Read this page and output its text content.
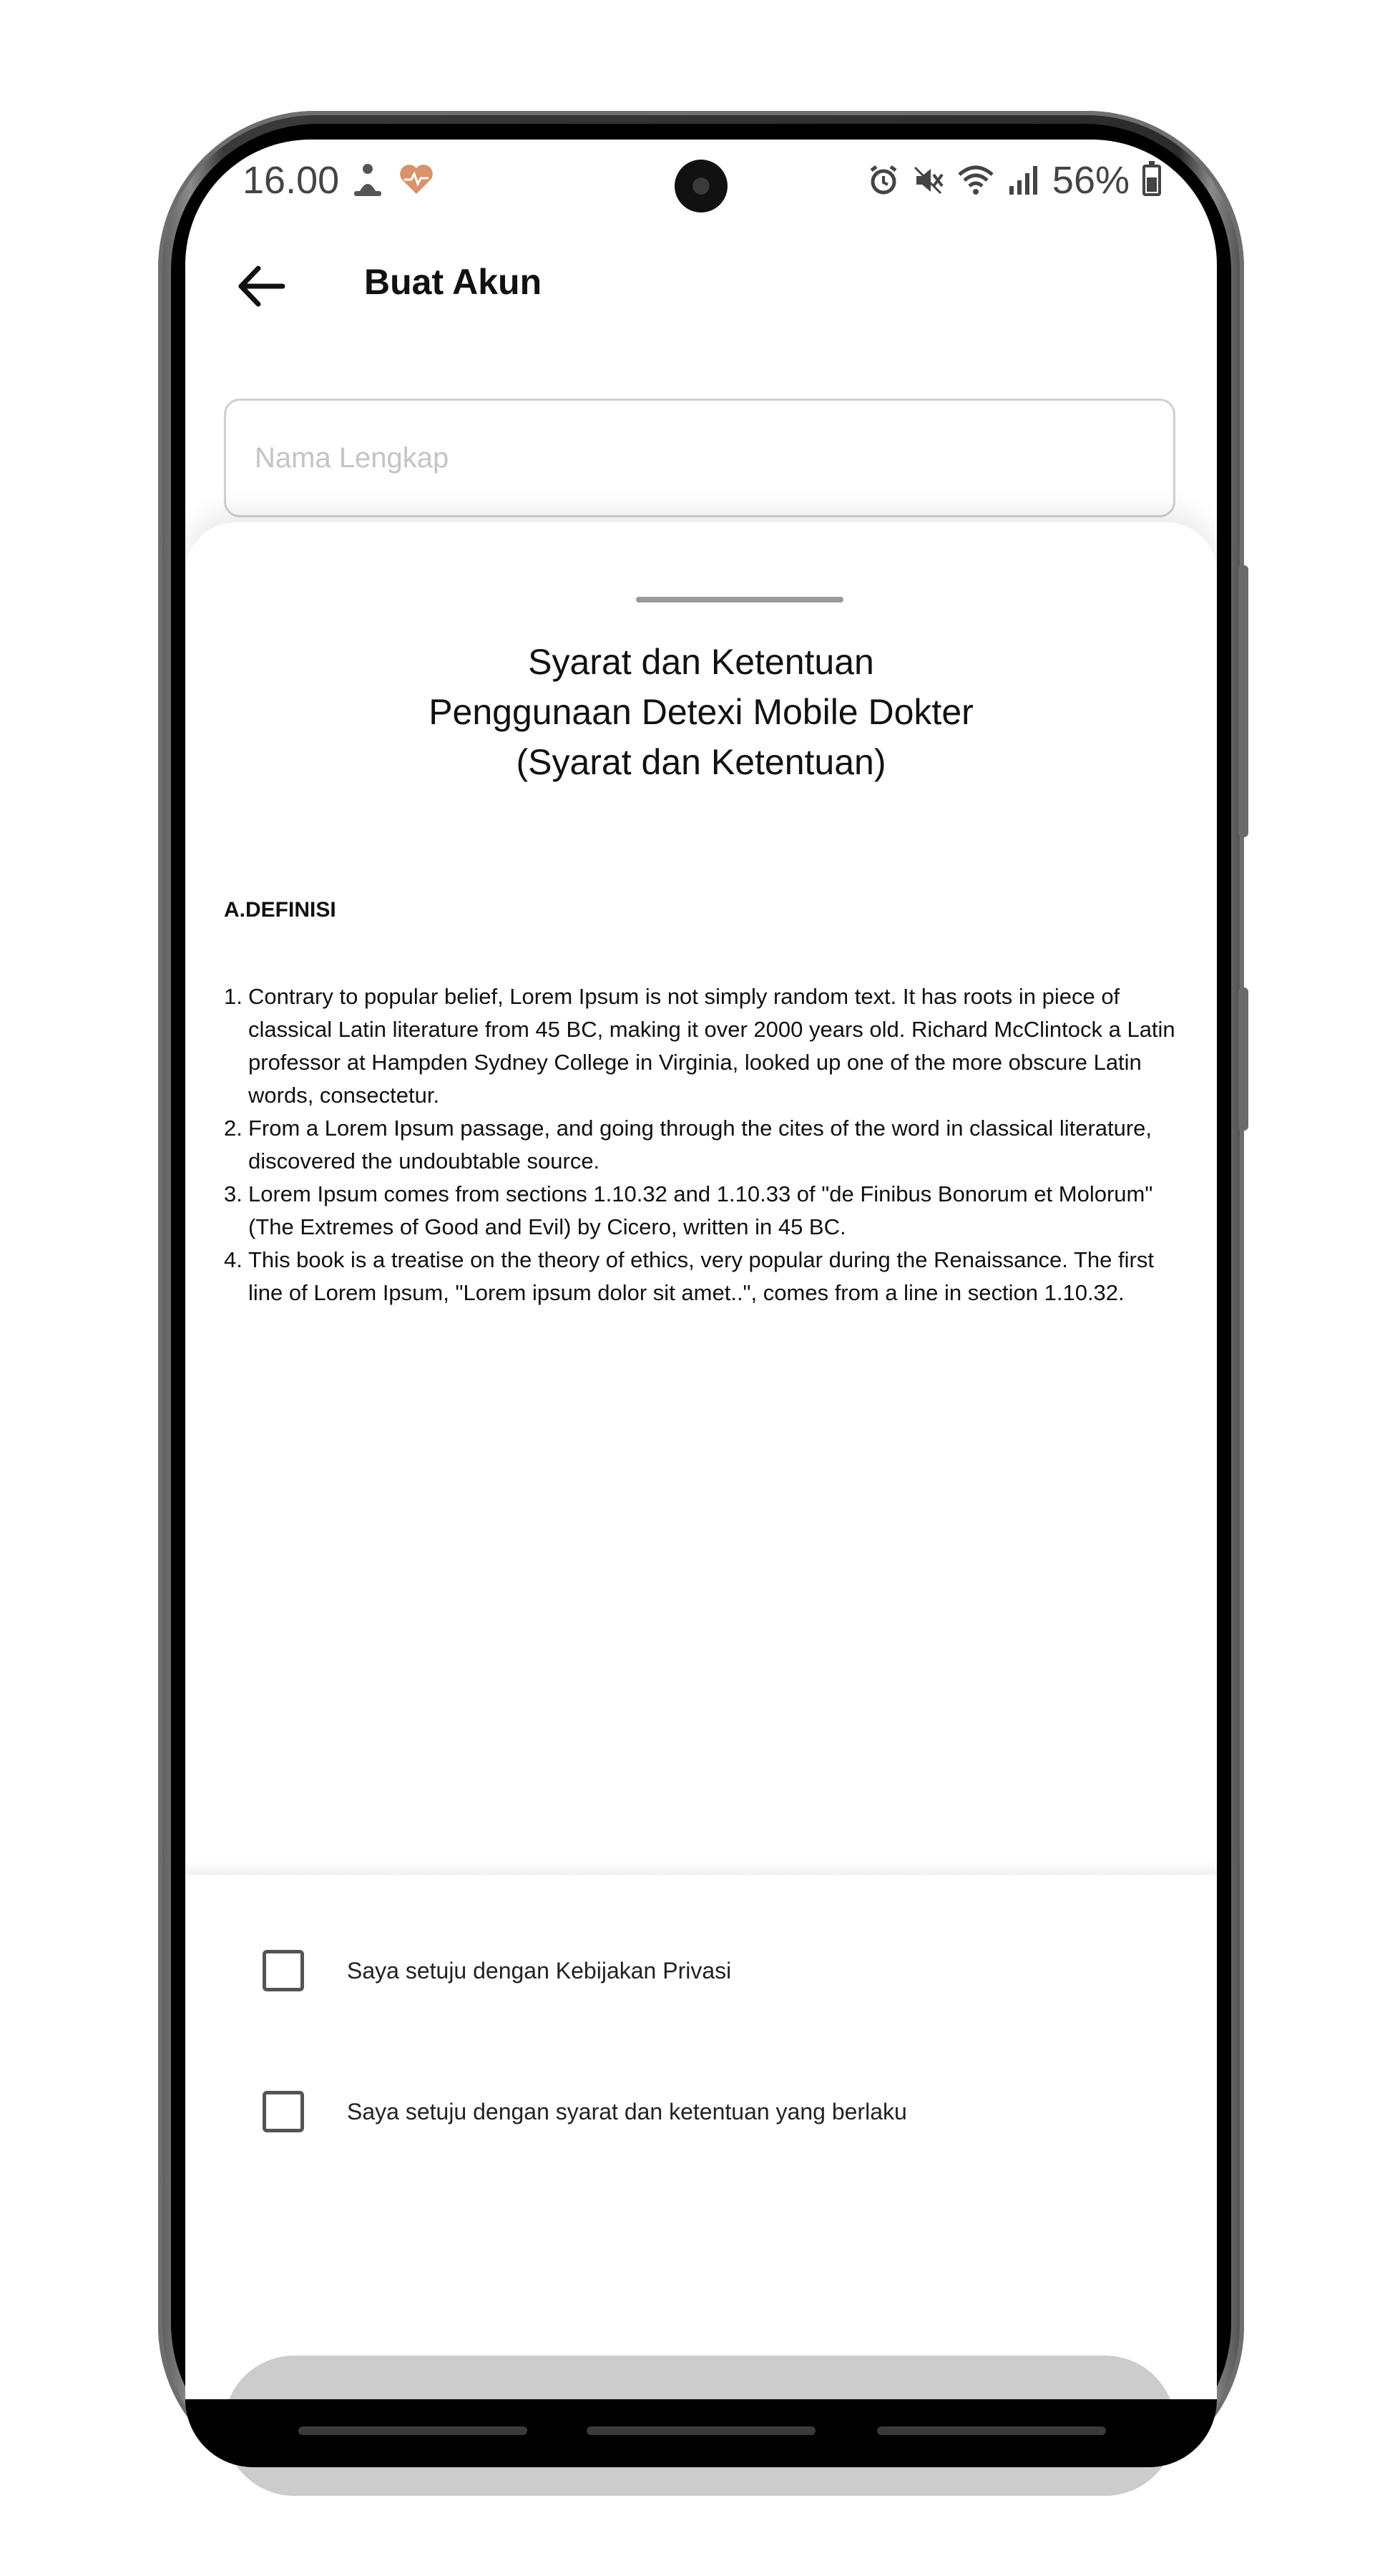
16.00	56%
Buat Akun
Nama Lengkap
Syarat dan Ketentuan
Penggunaan Detexi Mobile Dokter
(Syarat dan Ketentuan)
A.DEFINISI
1. Contrary to popular belief, Lorem Ipsum is not simply random text. It has roots in piece of classical Latin literature from 45 BC, making it over 2000 years old. Richard McClintock a Latin professor at Hampden Sydney College in Virginia, looked up one of the more obscure Latin words, consectetur.
2. From a Lorem Ipsum passage, and going through the cites of the word in classical literature, discovered the undoubtable source.
3. Lorem Ipsum comes from sections 1.10.32 and 1.10.33 of "de Finibus Bonorum et Molorum" (The Extremes of Good and Evil) by Cicero, written in 45 BC.
4. This book is a treatise on the theory of ethics, very popular during the Renaissance. The first line of Lorem Ipsum, "Lorem ipsum dolor sit amet..", comes from a line in section 1.10.32.
Saya setuju dengan Kebijakan Privasi
Saya setuju dengan syarat dan ketentuan yang berlaku
